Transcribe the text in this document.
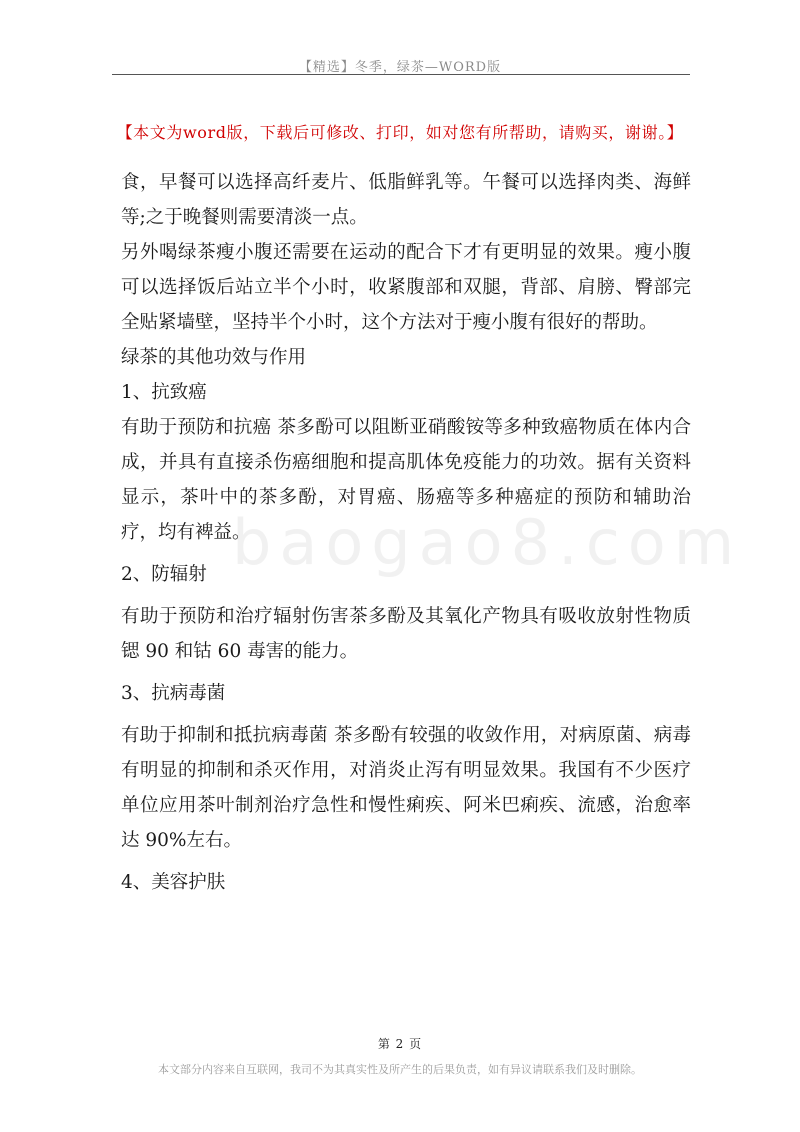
【精选】冬季，绿茶—WORD版
【本文为word版，下载后可修改、打印，如对您有所帮助，请购买，谢谢。】
baogao8.com

食，早餐可以选择高纤麦片、低脂鲜乳等。午餐可以选择肉类、海鲜等;之于晚餐则需要清淡一点。

另外喝绿茶瘦小腹还需要在运动的配合下才有更明显的效果。瘦小腹可以选择饭后站立半个小时，收紧腹部和双腿，背部、肩膀、臀部完全贴紧墙壁，坚持半个小时，这个方法对于瘦小腹有很好的帮助。

绿茶的其他功效与作用

1、抗致癌

有助于预防和抗癌 茶多酚可以阻断亚硝酸铵等多种致癌物质在体内合成，并具有直接杀伤癌细胞和提高肌体免疫能力的功效。据有关资料显示，茶叶中的茶多酚，对胃癌、肠癌等多种癌症的预防和辅助治疗，均有裨益。

2、防辐射

有助于预防和治疗辐射伤害茶多酚及其氧化产物具有吸收放射性物质锶 90 和钴 60 毒害的能力。

3、抗病毒菌

有助于抑制和抵抗病毒菌 茶多酚有较强的收敛作用，对病原菌、病毒有明显的抑制和杀灭作用，对消炎止泻有明显效果。我国有不少医疗单位应用茶叶制剂治疗急性和慢性痢疾、阿米巴痢疾、流感，治愈率达 90%左右。

4、美容护肤

第 2 页
本文部分内容来自互联网，我司不为其真实性及所产生的后果负责，如有异议请联系我们及时删除。
